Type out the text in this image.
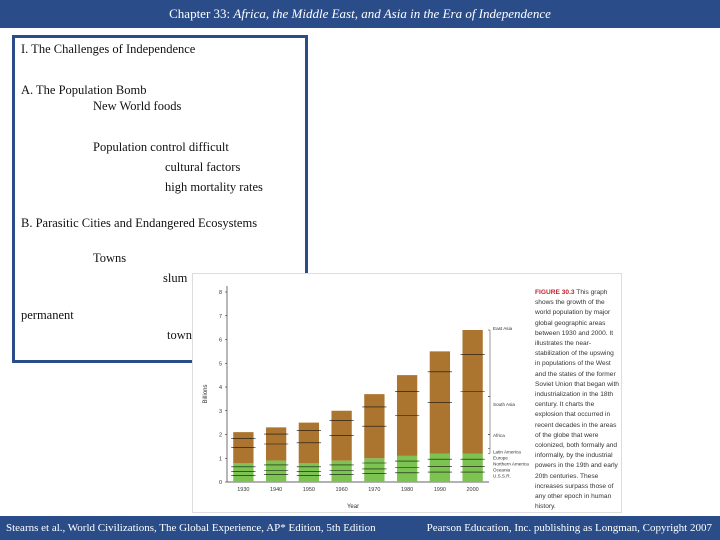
Chapter 33: Africa, the Middle East, and Asia in the Era of Independence
I. The Challenges of Independence
A. The Population Bomb
New World foods
Population control difficult
cultural factors
high mortality rates
B. Parasitic Cities and Endangered Ecosystems
Towns
slum
permanent
town
Billions
Year
0
1
2
3
4
5
6
7
8
1930	1940	1950	1960	1970	1980	1990	2000
East Asia
South Asia
Africa
Latin America
Europe
Northern America
Oceania
U.S.S.R.
FIGURE 30.3 This graph shows the growth of the world population by major global geographic areas between 1930 and 2000. It illustrates the near-stabilization of the upswing in populations of the West and the states of the former Soviet Union that began with industrialization in the 18th century. It charts the explosion that occurred in recent decades in the areas of the globe that were colonized, both formally and informally, by the industrial powers in the 19th and early 20th centuries. These increases surpass those of any other epoch in human history.
Stearns et al., World Civilizations, The Global Experience, AP* Edition, 5th Edition	Pearson Education, Inc. publishing as Longman, Copyright 2007
